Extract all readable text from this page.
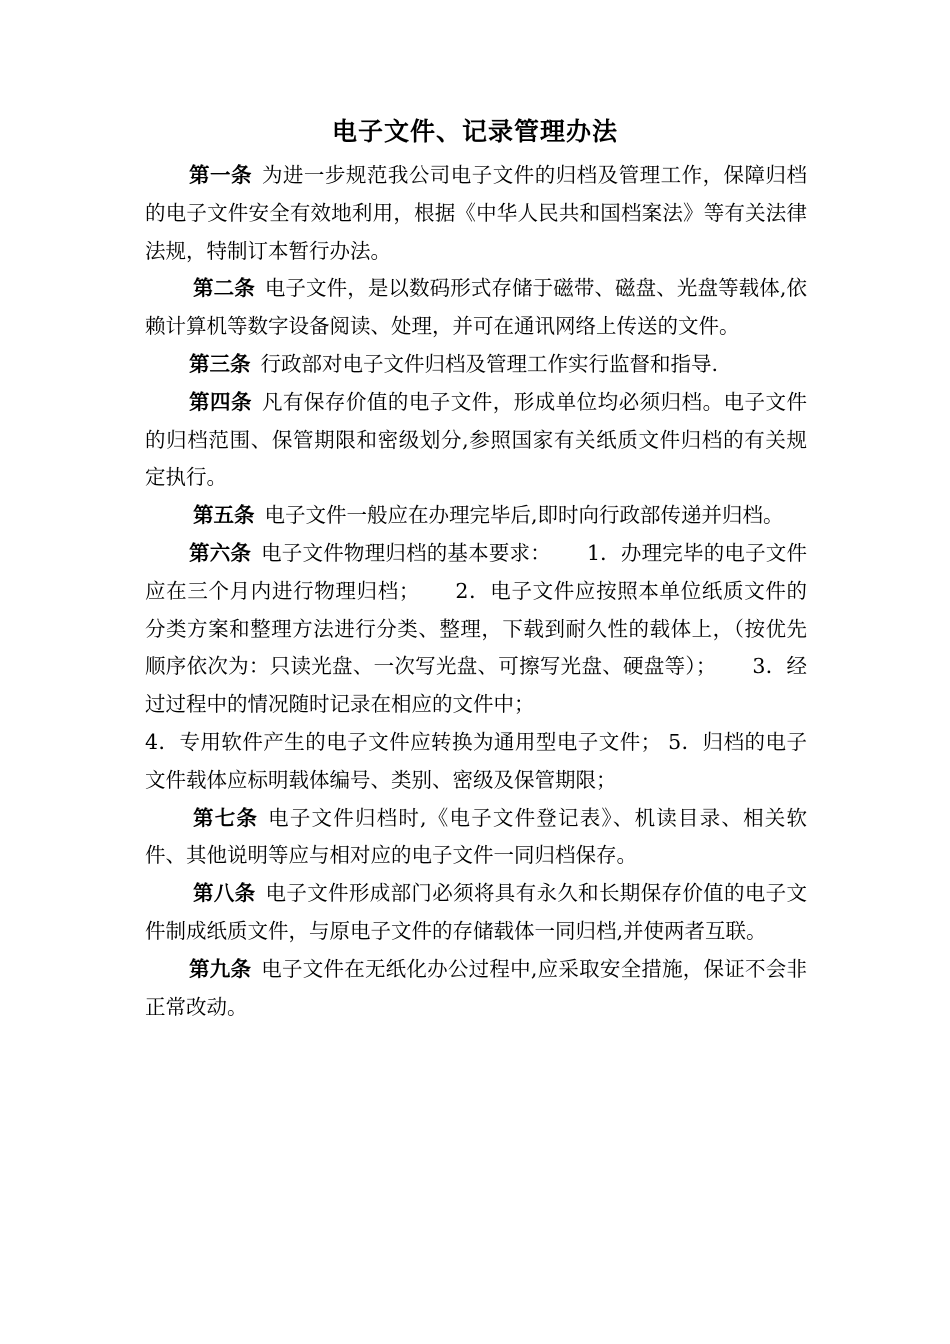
电子文件、记录管理办法

第一条 为进一步规范我公司电子文件的归档及管理工作，保障归档的电子文件安全有效地利用，根据《中华人民共和国档案法》等有关法律法规，特制订本暂行办法。

第二条 电子文件，是以数码形式存储于磁带、磁盘、光盘等载体,依赖计算机等数字设备阅读、处理，并可在通讯网络上传送的文件。

第三条 行政部对电子文件归档及管理工作实行监督和指导.

第四条 凡有保存价值的电子文件，形成单位均必须归档。电子文件的归档范围、保管期限和密级划分,参照国家有关纸质文件归档的有关规定执行。

第五条 电子文件一般应在办理完毕后,即时向行政部传递并归档。

第六条 电子文件物理归档的基本要求： 1．办理完毕的电子文件应在三个月内进行物理归档； 2．电子文件应按照本单位纸质文件的分类方案和整理方法进行分类、整理，下载到耐久性的载体上，（按优先顺序依次为：只读光盘、一次写光盘、可擦写光盘、硬盘等）； 3．经过过程中的情况随时记录在相应的文件中；

4．专用软件产生的电子文件应转换为通用型电子文件； 5．归档的电子文件载体应标明载体编号、类别、密级及保管期限；

第七条 电子文件归档时,《电子文件登记表》、机读目录、相关软件、其他说明等应与相对应的电子文件一同归档保存。

第八条 电子文件形成部门必须将具有永久和长期保存价值的电子文件制成纸质文件，与原电子文件的存储载体一同归档,并使两者互联。

第九条 电子文件在无纸化办公过程中,应采取安全措施，保证不会非正常改动。
